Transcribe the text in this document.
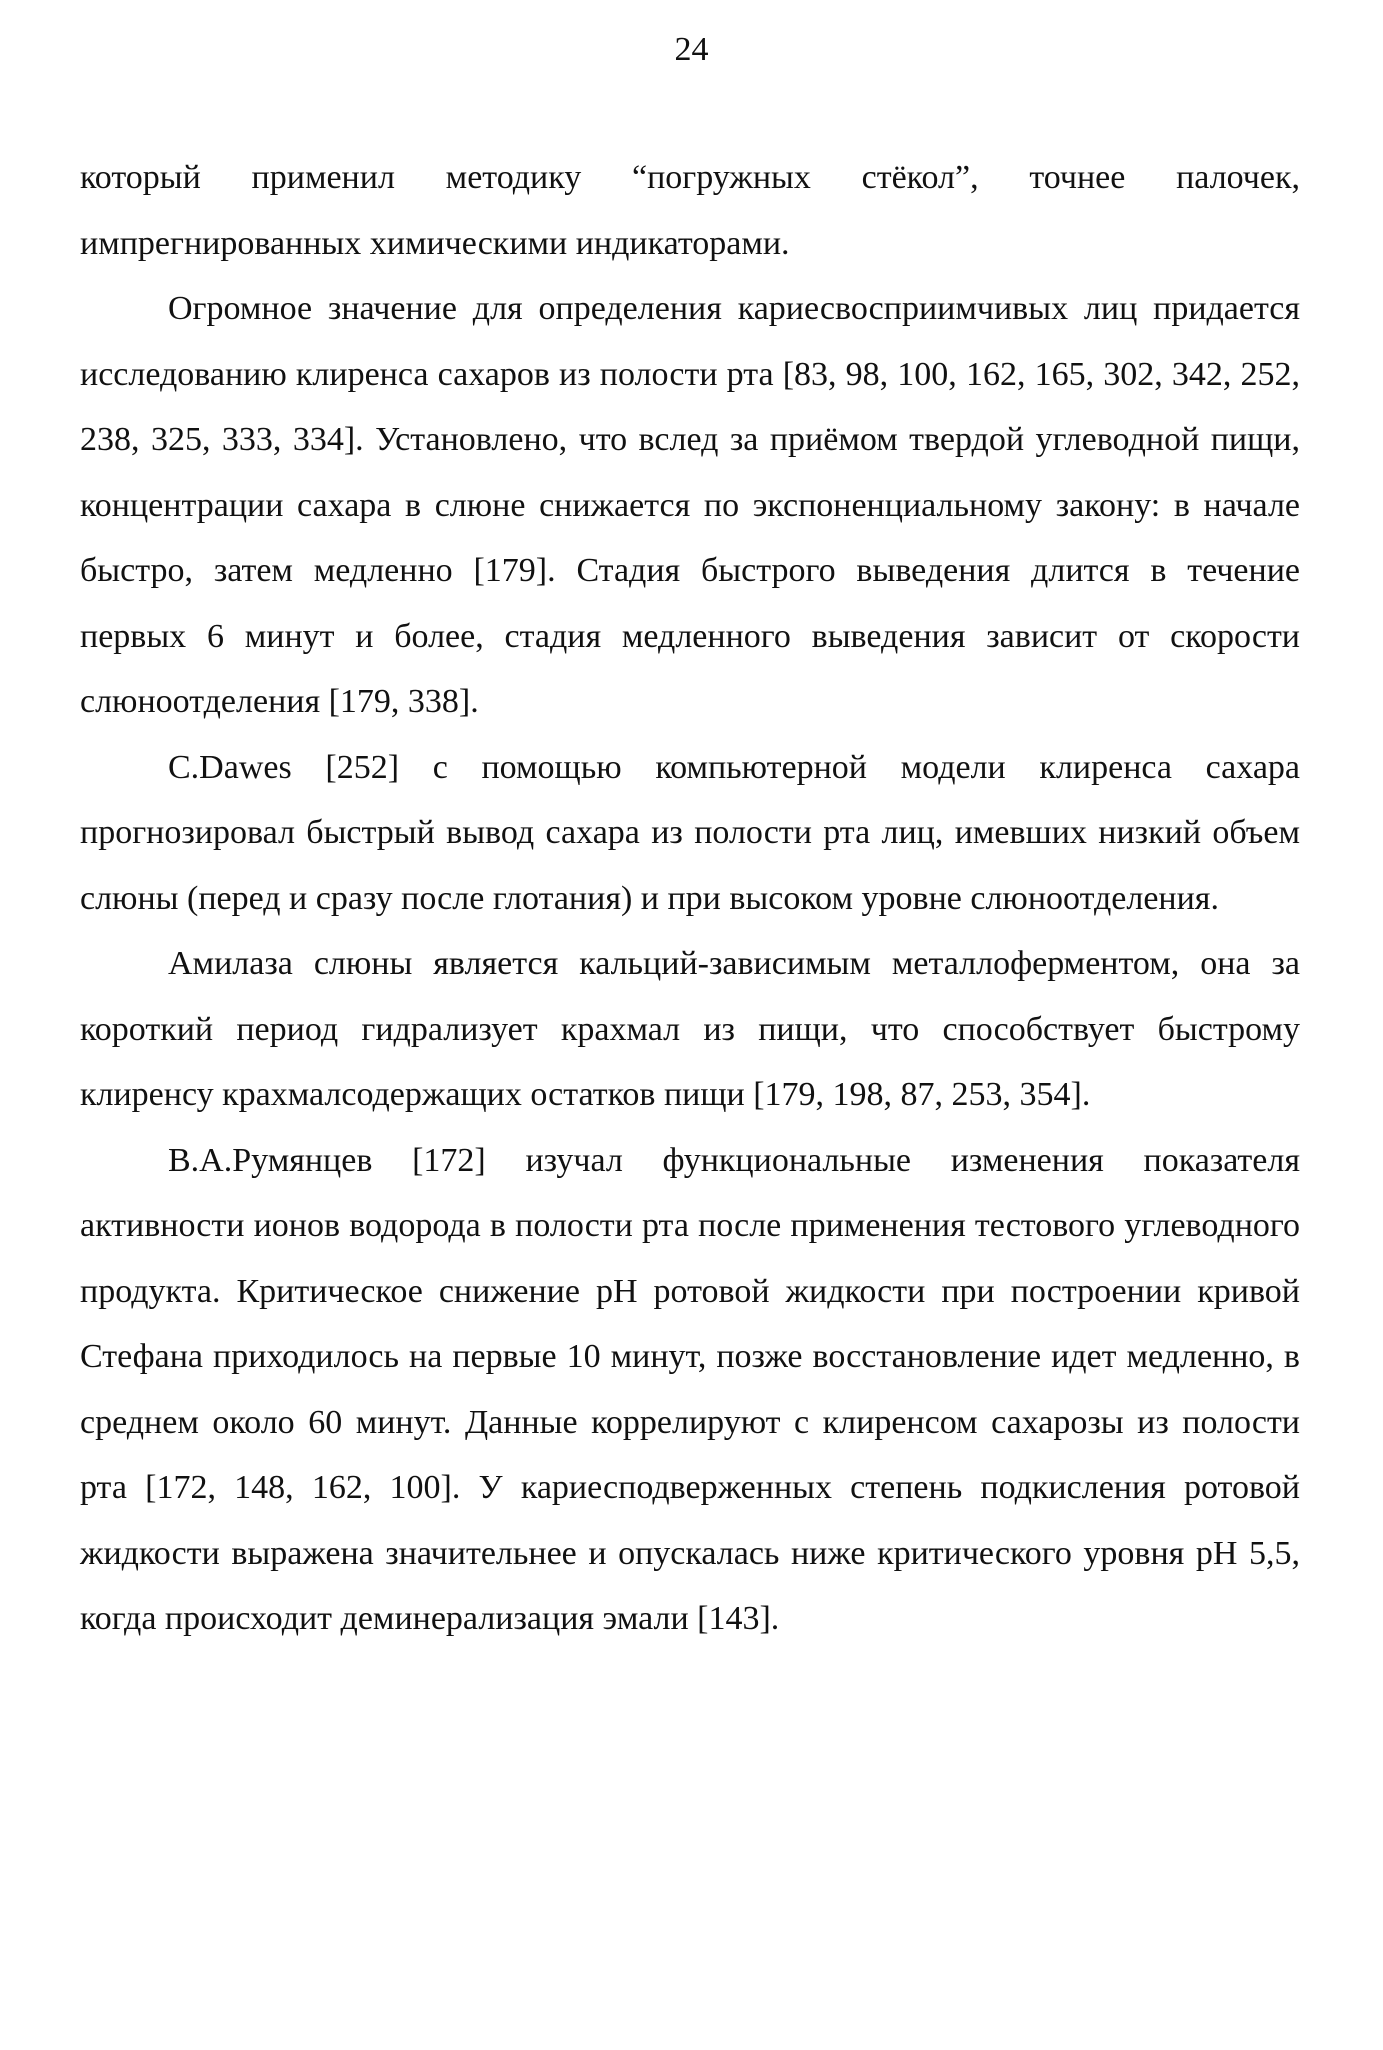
24

который применил методику “погружных стёкол”, точнее палочек, импрегнированных химическими индикаторами.

Огромное значение для определения кариесвосприимчивых лиц придается исследованию клиренса сахаров из полости рта [83, 98, 100, 162, 165, 302, 342, 252, 238, 325, 333, 334]. Установлено, что вслед за приёмом твердой углеводной пищи, концентрации сахара в слюне снижается по экспоненциальному закону: в начале быстро, затем медленно [179]. Стадия быстрого выведения длится в течение первых 6 минут и более, стадия медленного выведения зависит от скорости слюноотделения [179, 338].

C.Dawes [252] с помощью компьютерной модели клиренса сахара прогнозировал быстрый вывод сахара из полости рта лиц, имевших низкий объем слюны (перед и сразу после глотания) и при высоком уровне слюноотделения.

Амилаза слюны является кальций-зависимым металлоферментом, она за короткий период гидрализует крахмал из пищи, что способствует быстрому клиренсу крахмалсодержащих остатков пищи [179, 198, 87, 253, 354].

В.А.Румянцев [172] изучал функциональные изменения показателя активности ионов водорода в полости рта после применения тестового углеводного продукта. Критическое снижение pH ротовой жидкости при построении кривой Стефана приходилось на первые 10 минут, позже восстановление идет медленно, в среднем около 60 минут. Данные коррелируют с клиренсом сахарозы из полости рта [172, 148, 162, 100]. У кариесподверженных степень подкисления ротовой жидкости выражена значительнее и опускалась ниже критического уровня pH 5,5, когда происходит деминерализация эмали [143].
